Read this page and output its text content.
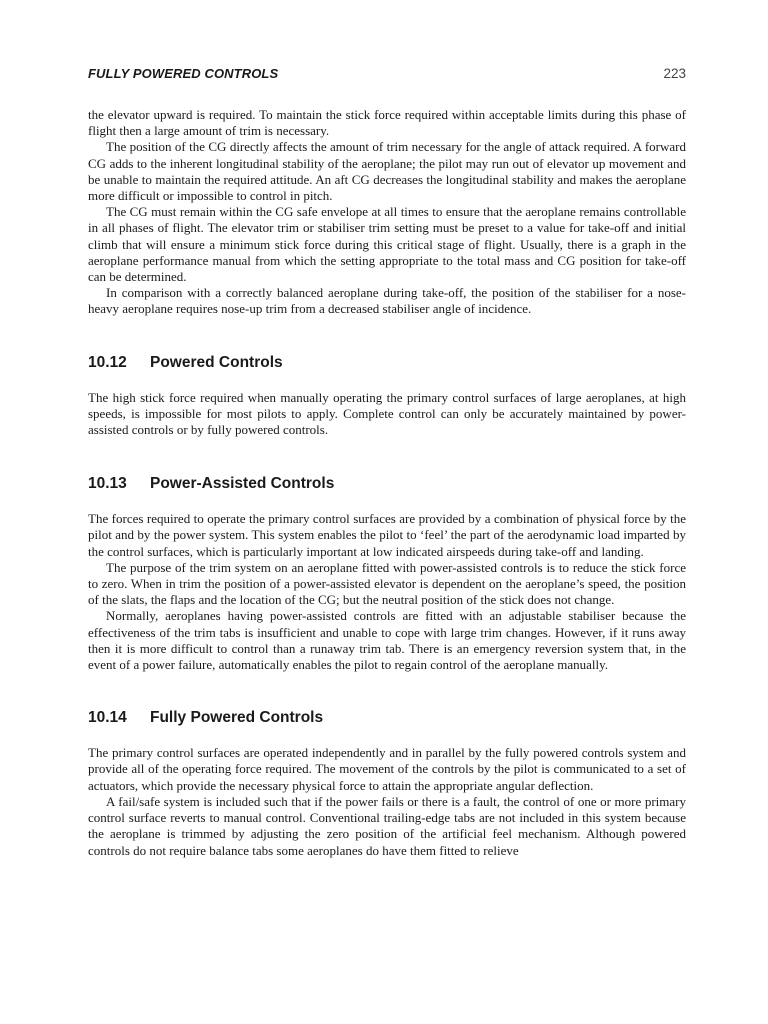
FULLY POWERED CONTROLS	223

the elevator upward is required. To maintain the stick force required within acceptable limits during this phase of flight then a large amount of trim is necessary.

The position of the CG directly affects the amount of trim necessary for the angle of attack required. A forward CG adds to the inherent longitudinal stability of the aeroplane; the pilot may run out of elevator up movement and be unable to maintain the required attitude. An aft CG decreases the longitudinal stability and makes the aeroplane more difficult or impossible to control in pitch.

The CG must remain within the CG safe envelope at all times to ensure that the aeroplane remains controllable in all phases of flight. The elevator trim or stabiliser trim setting must be preset to a value for take-off and initial climb that will ensure a minimum stick force during this critical stage of flight. Usually, there is a graph in the aeroplane performance manual from which the setting appropriate to the total mass and CG position for take-off can be determined.

In comparison with a correctly balanced aeroplane during take-off, the position of the stabiliser for a nose-heavy aeroplane requires nose-up trim from a decreased stabiliser angle of incidence.

10.12	Powered Controls

The high stick force required when manually operating the primary control surfaces of large aeroplanes, at high speeds, is impossible for most pilots to apply. Complete control can only be accurately maintained by power-assisted controls or by fully powered controls.

10.13	Power-Assisted Controls

The forces required to operate the primary control surfaces are provided by a combination of physical force by the pilot and by the power system. This system enables the pilot to ‘feel’ the part of the aerodynamic load imparted by the control surfaces, which is particularly important at low indicated airspeeds during take-off and landing.

The purpose of the trim system on an aeroplane fitted with power-assisted controls is to reduce the stick force to zero. When in trim the position of a power-assisted elevator is dependent on the aeroplane’s speed, the position of the slats, the flaps and the location of the CG; but the neutral position of the stick does not change.

Normally, aeroplanes having power-assisted controls are fitted with an adjustable stabiliser because the effectiveness of the trim tabs is insufficient and unable to cope with large trim changes. However, if it runs away then it is more difficult to control than a runaway trim tab. There is an emergency reversion system that, in the event of a power failure, automatically enables the pilot to regain control of the aeroplane manually.

10.14	Fully Powered Controls

The primary control surfaces are operated independently and in parallel by the fully powered controls system and provide all of the operating force required. The movement of the controls by the pilot is communicated to a set of actuators, which provide the necessary physical force to attain the appropriate angular deflection.

A fail/safe system is included such that if the power fails or there is a fault, the control of one or more primary control surface reverts to manual control. Conventional trailing-edge tabs are not included in this system because the aeroplane is trimmed by adjusting the zero position of the artificial feel mechanism. Although powered controls do not require balance tabs some aeroplanes do have them fitted to relieve
